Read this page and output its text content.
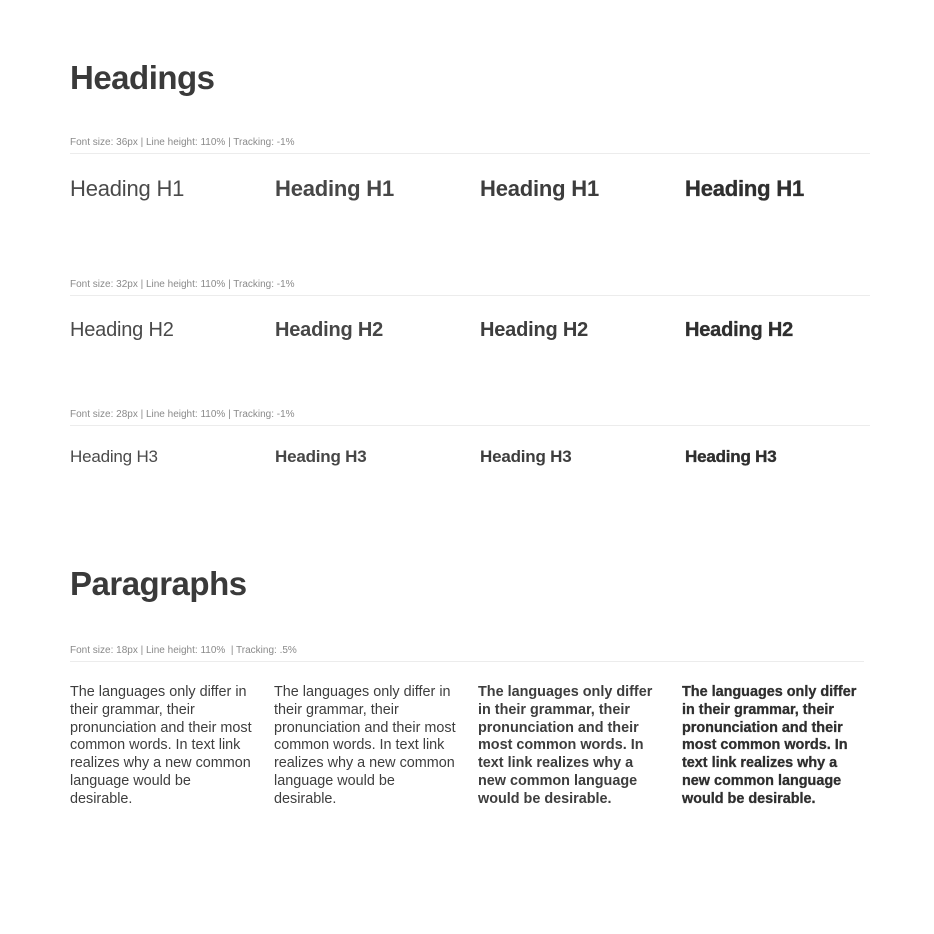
Headings
Font size: 36px | Line height: 110% | Tracking: -1%
Heading H1	Heading H1	Heading H1	Heading H1
Font size: 32px | Line height: 110% | Tracking: -1%
Heading H2	Heading H2	Heading H2	Heading H2
Font size: 28px | Line height: 110% | Tracking: -1%
Heading H3	Heading H3	Heading H3	Heading H3
Paragraphs
Font size: 18px | Line height: 110%  | Tracking: .5%

The languages only differ in their grammar, their pronunciation and their most common words. In text link realizes why a new common language would be desirable.

The languages only differ in their grammar, their pronunciation and their most common words. In text link realizes why a new common language would be desirable.

The languages only differ in their grammar, their pronunciation and their most common words. In text link realizes why a new common language would be desirable.

The languages only differ in their grammar, their pronunciation and their most common words. In text link realizes why a new common language would be desirable.
